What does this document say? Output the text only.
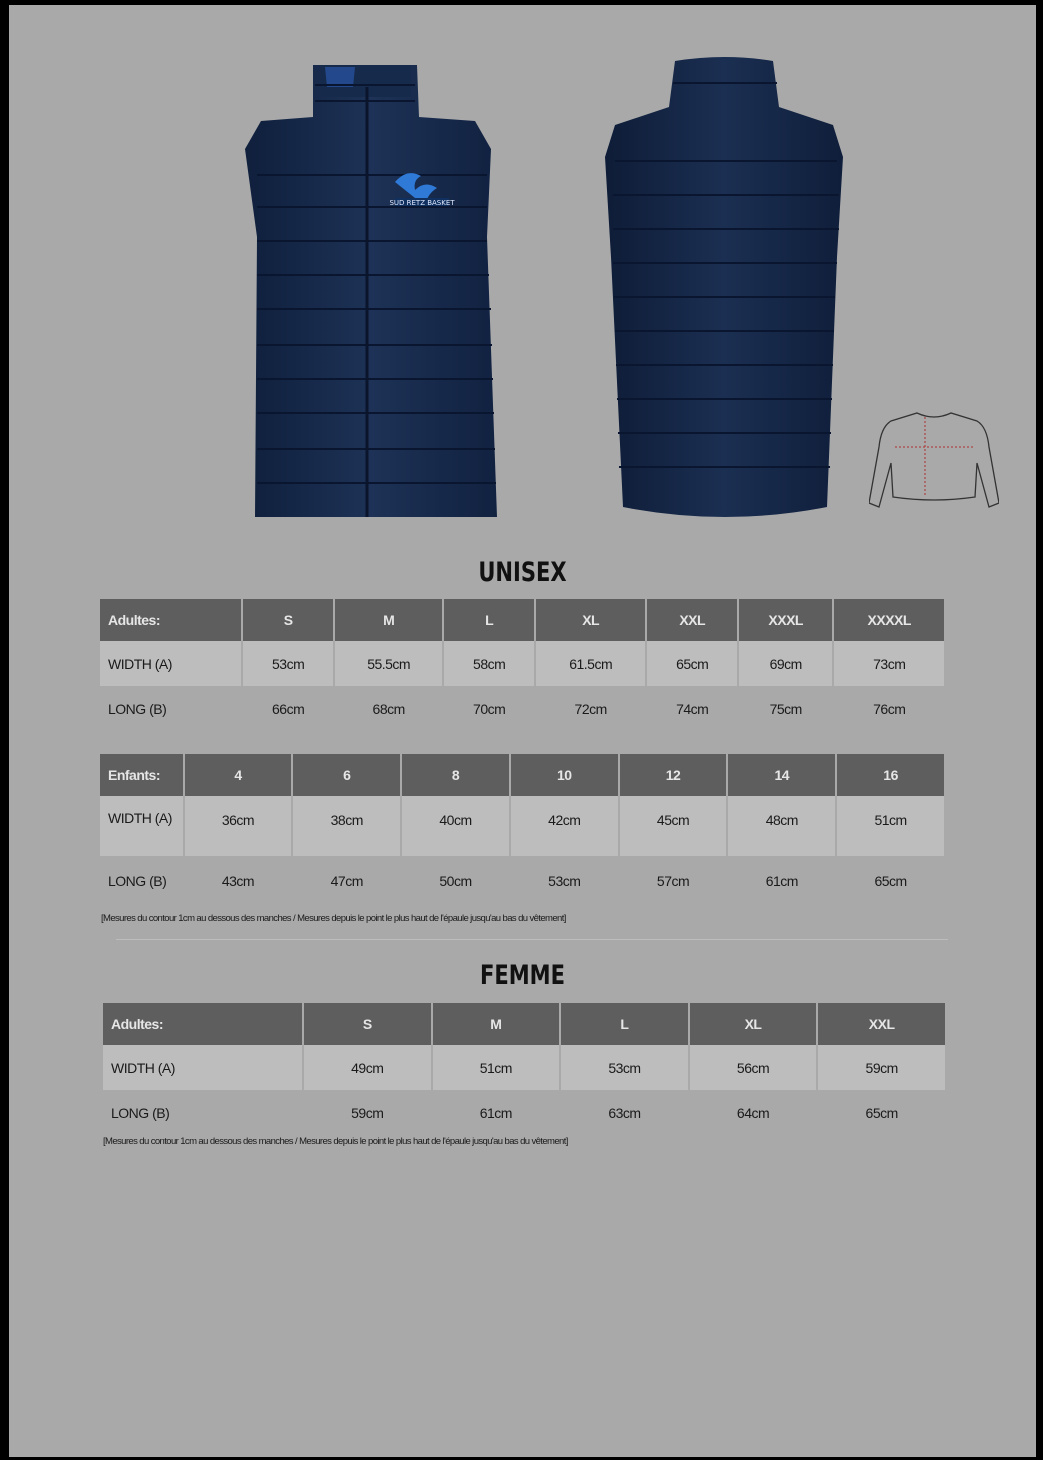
SUD RETZ BASKET
UNISEX
Adultes:	S	M	L	XL	XXL	XXXL	XXXXL
WIDTH (A)	53cm	55.5cm	58cm	61.5cm	65cm	69cm	73cm
LONG (B)	66cm	68cm	70cm	72cm	74cm	75cm	76cm
Enfants:	4	6	8	10	12	14	16
WIDTH (A)	36cm	38cm	40cm	42cm	45cm	48cm	51cm
LONG (B)	43cm	47cm	50cm	53cm	57cm	61cm	65cm
[Mesures du contour 1cm au dessous des manches / Mesures depuis le point le plus haut de l'épaule jusqu'au bas du vêtement]
FEMME
Adultes:	S	M	L	XL	XXL
WIDTH (A)	49cm	51cm	53cm	56cm	59cm
LONG (B)	59cm	61cm	63cm	64cm	65cm
[Mesures du contour 1cm au dessous des manches / Mesures depuis le point le plus haut de l'épaule jusqu'au bas du vêtement]
